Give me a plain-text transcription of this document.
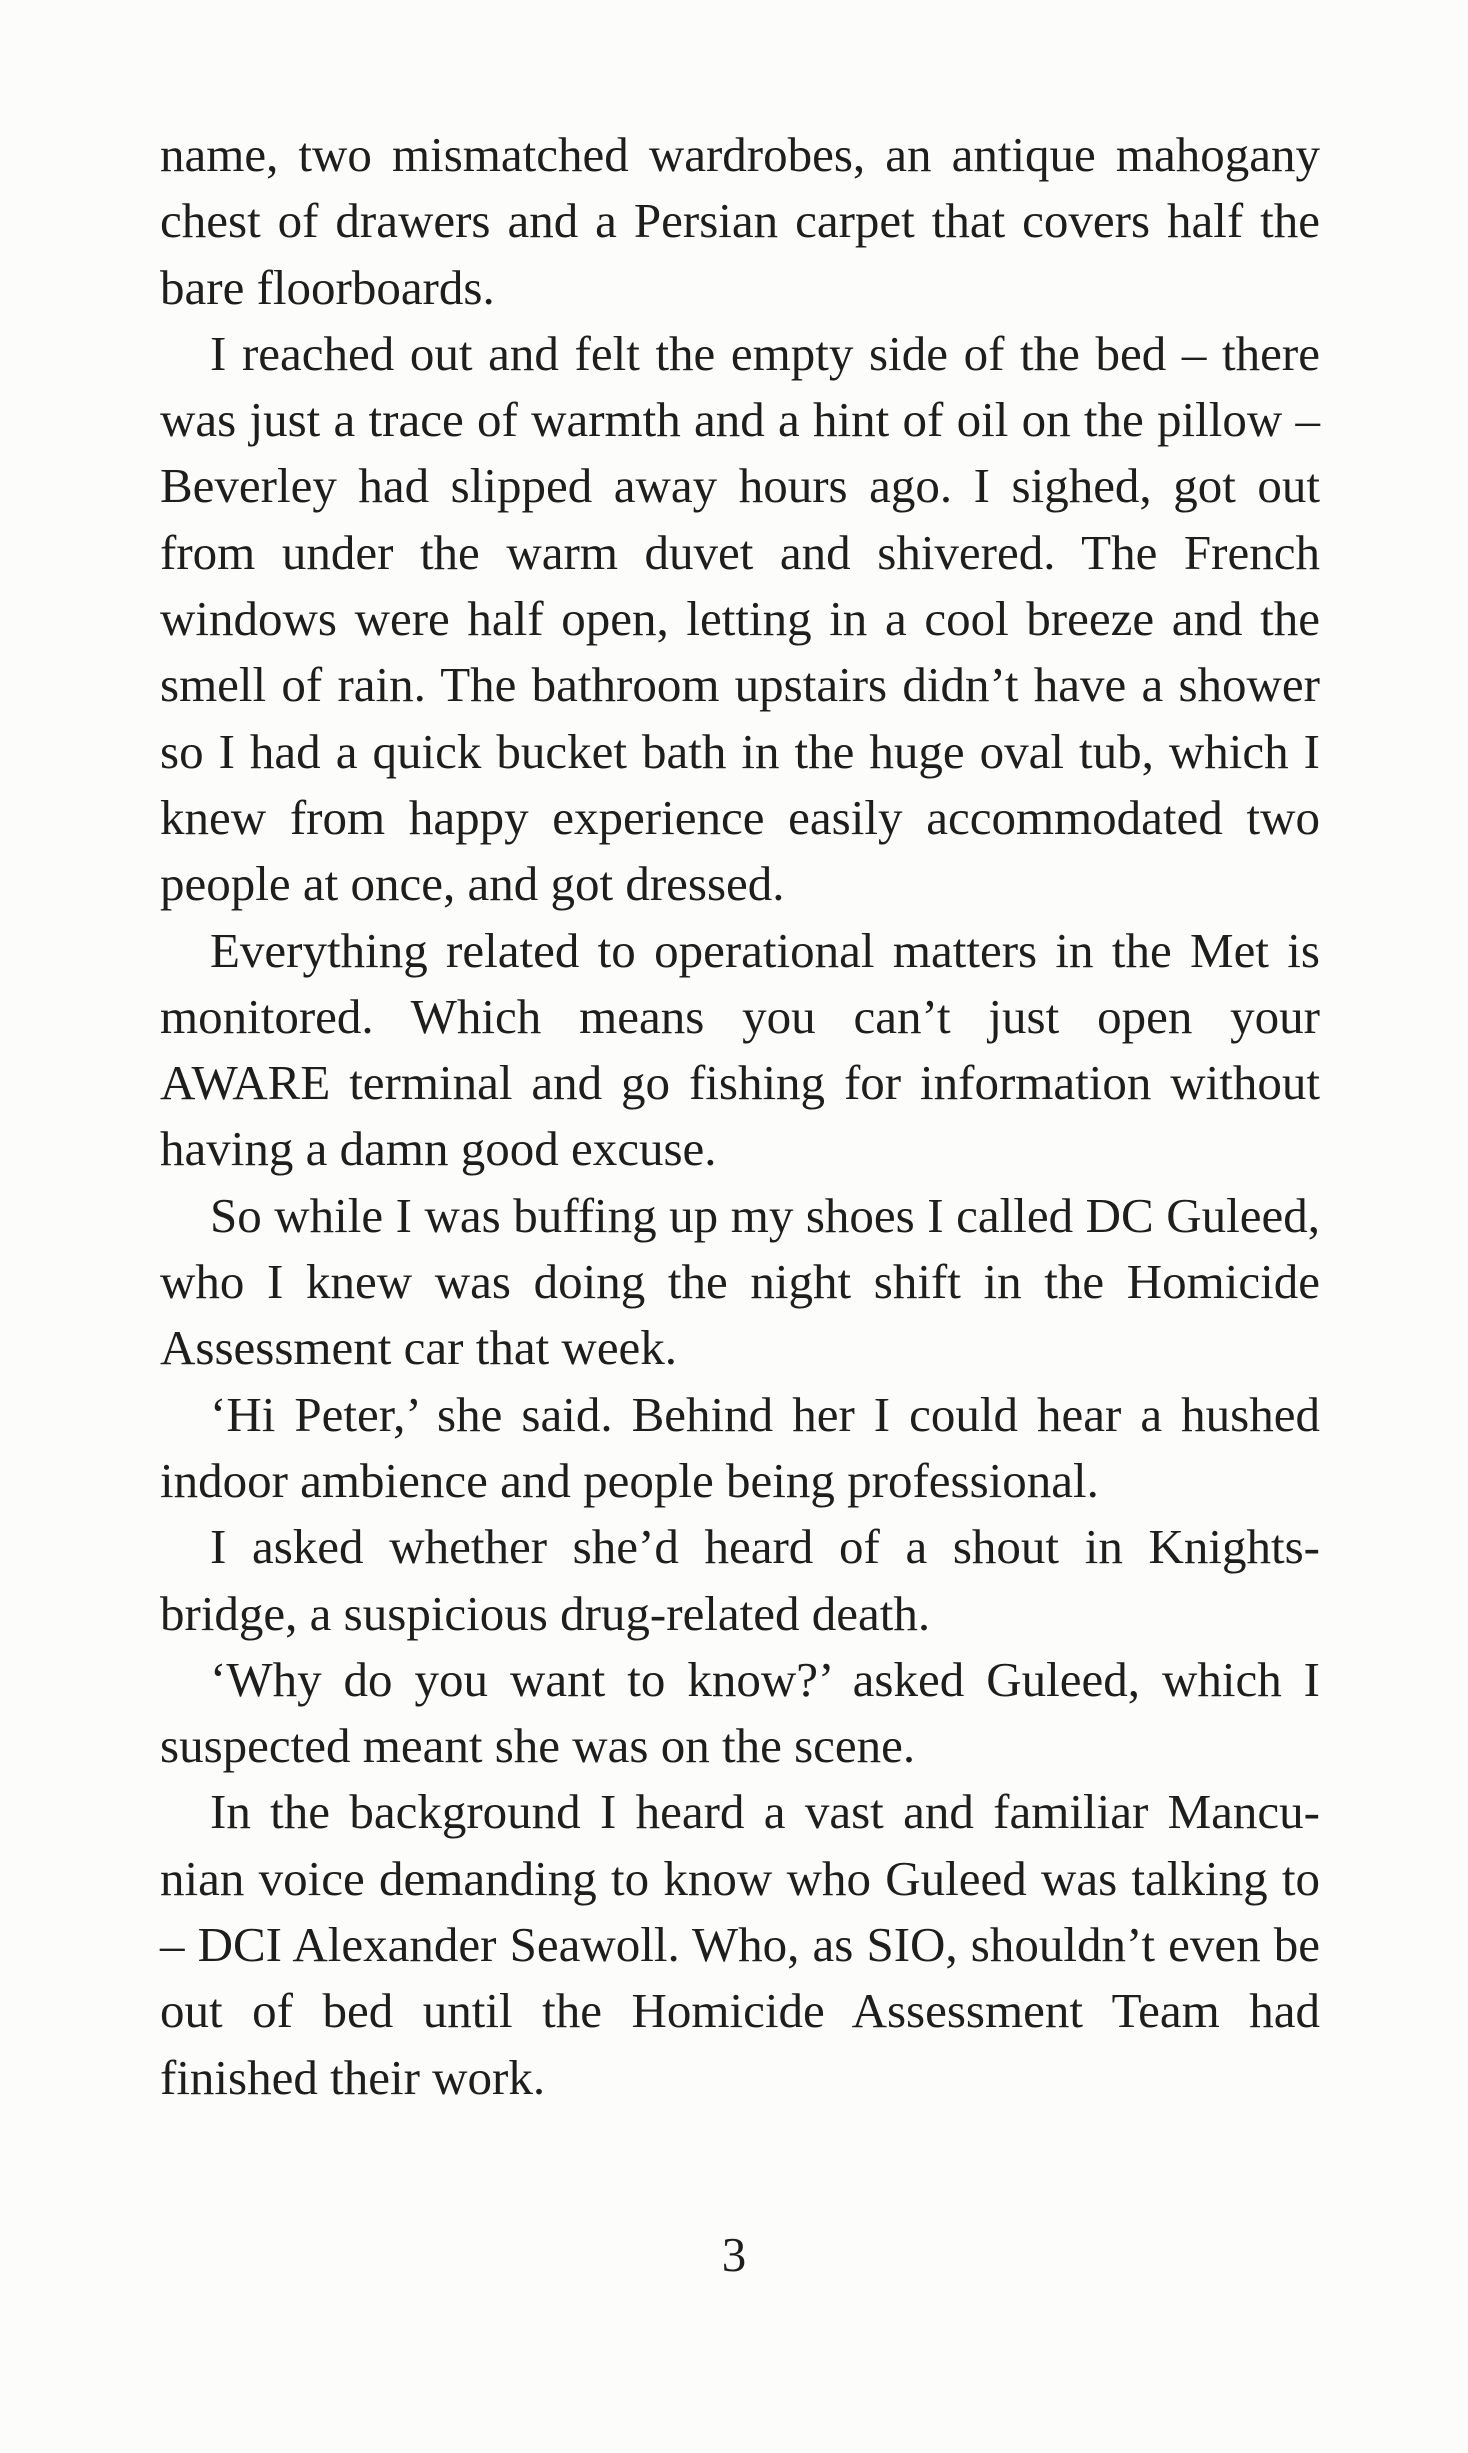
name, two mismatched wardrobes, an antique mahogany chest of drawers and a Persian carpet that covers half the bare floorboards.

I reached out and felt the empty side of the bed – there was just a trace of warmth and a hint of oil on the pillow – Beverley had slipped away hours ago. I sighed, got out from under the warm duvet and shivered. The French windows were half open, letting in a cool breeze and the smell of rain. The bathroom upstairs didn’t have a shower so I had a quick bucket bath in the huge oval tub, which I knew from happy experience easily accommodated two people at once, and got dressed.

Everything related to operational matters in the Met is monitored. Which means you can’t just open your AWARE terminal and go fishing for information without having a damn good excuse.

So while I was buffing up my shoes I called DC Guleed, who I knew was doing the night shift in the Homicide Assessment car that week.

‘Hi Peter,’ she said. Behind her I could hear a hushed indoor ambience and people being professional.

I asked whether she’d heard of a shout in Knightsbridge, a suspicious drug-related death.

‘Why do you want to know?’ asked Guleed, which I suspected meant she was on the scene.

In the background I heard a vast and familiar Mancunian voice demanding to know who Guleed was talking to – DCI Alexander Seawoll. Who, as SIO, shouldn’t even be out of bed until the Homicide Assessment Team had finished their work.

3
